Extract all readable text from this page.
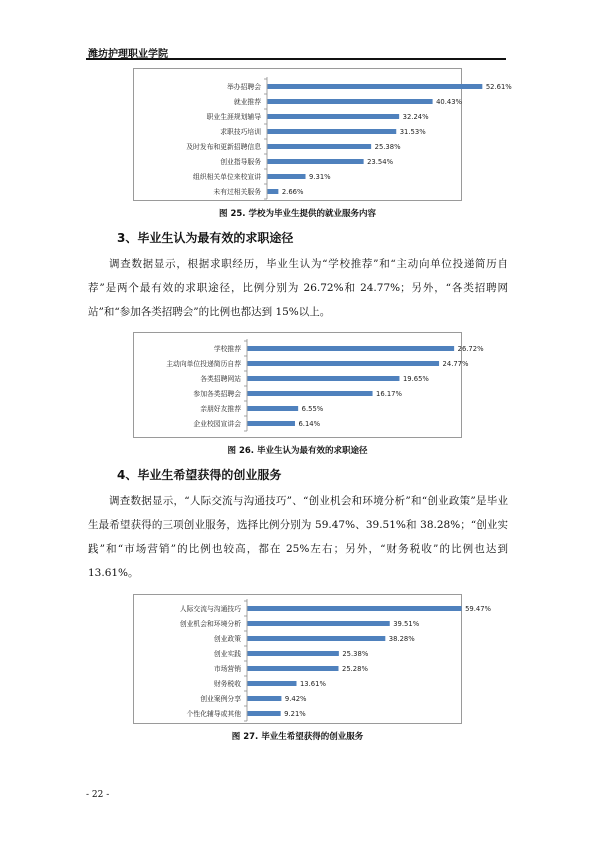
潍坊护理职业学院
举办招聘会	52.61%
就业推荐	40.43%
职业生涯规划辅导	32.24%
求职技巧培训	31.53%
及时发布和更新招聘信息	25.38%
创业指导服务	23.54%
组织相关单位来校宣讲	9.31%
未有过相关服务	2.66%
图 25. 学校为毕业生提供的就业服务内容
3、毕业生认为最有效的求职途径

调查数据显示，根据求职经历，毕业生认为“学校推荐”和“主动向单位投递简历自荐”是两个最有效的求职途径，比例分别为 26.72%和 24.77%；另外，“各类招聘网站”和“参加各类招聘会”的比例也都达到 15%以上。

学校推荐	26.72%
主动向单位投递简历自荐	24.77%
各类招聘网站	19.65%
参加各类招聘会	16.17%
亲朋好友推荐	6.55%
企业校园宣讲会	6.14%
图 26. 毕业生认为最有效的求职途径
4、毕业生希望获得的创业服务

调查数据显示，“人际交流与沟通技巧”、“创业机会和环境分析”和“创业政策”是毕业生最希望获得的三项创业服务，选择比例分别为 59.47%、39.51%和 38.28%；“创业实践”和“市场营销”的比例也较高，都在 25%左右；另外，“财务税收”的比例也达到 13.61%。

人际交流与沟通技巧	59.47%
创业机会和环境分析	39.51%
创业政策	38.28%
创业实践	25.38%
市场营销	25.28%
财务税收	13.61%
创业案例分享	9.42%
个性化辅导或其他	9.21%
图 27. 毕业生希望获得的创业服务
- 22 -
